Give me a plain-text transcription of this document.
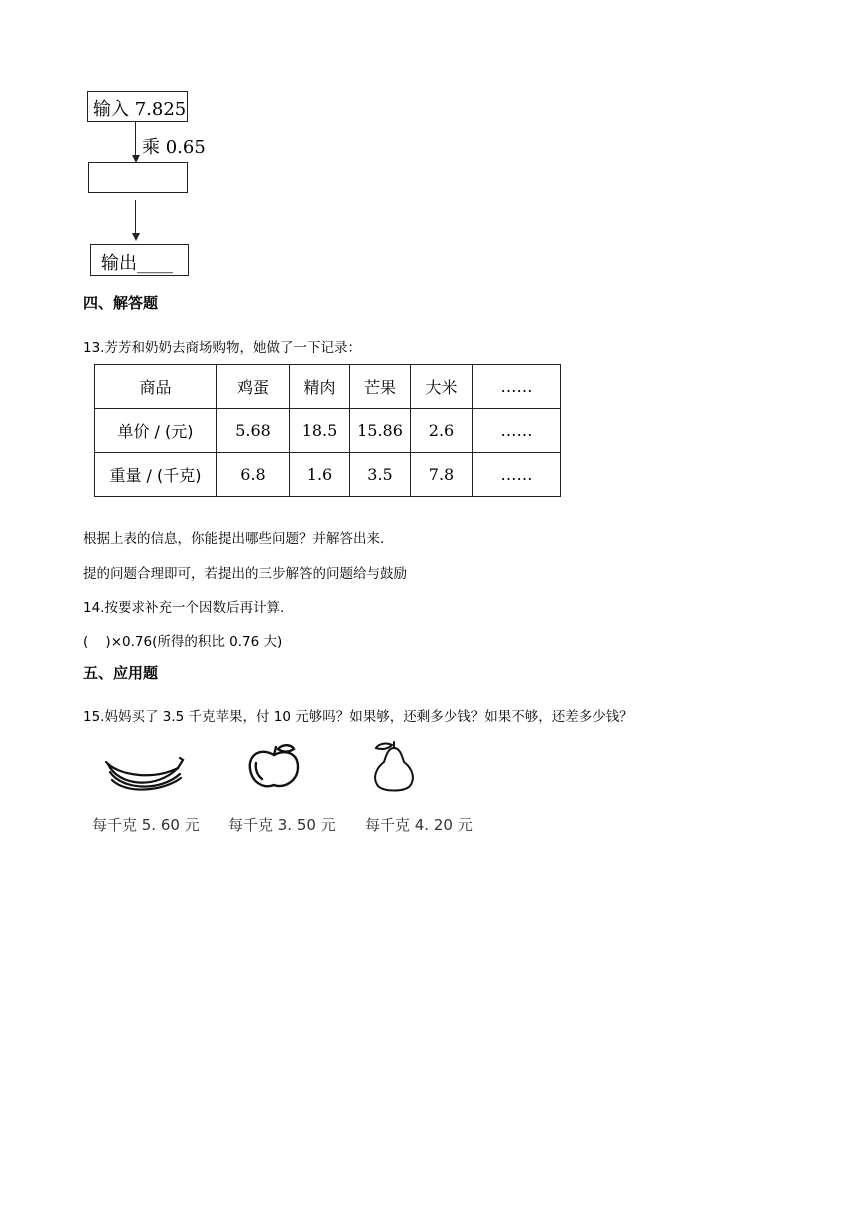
输入 7.825
乘 0.65
输出____
四、解答题
13.芳芳和奶奶去商场购物，她做了一下记录：
商品	鸡蛋	精肉	芒果	大米	……
单价 / (元)	5.68	18.5	15.86	2.6	……
重量 / (千克)	6.8	1.6	3.5	7.8	……
根据上表的信息，你能提出哪些问题？并解答出来.
提的问题合理即可，若提出的三步解答的问题给与鼓励
14.按要求补充一个因数后再计算.
(    )×0.76(所得的积比 0.76 大)
五、应用题
15.妈妈买了 3.5 千克苹果，付 10 元够吗？如果够，还剩多少钱？如果不够，还差多少钱？
每千克 5. 60 元 每千克 3. 50 元 每千克 4. 20 元
